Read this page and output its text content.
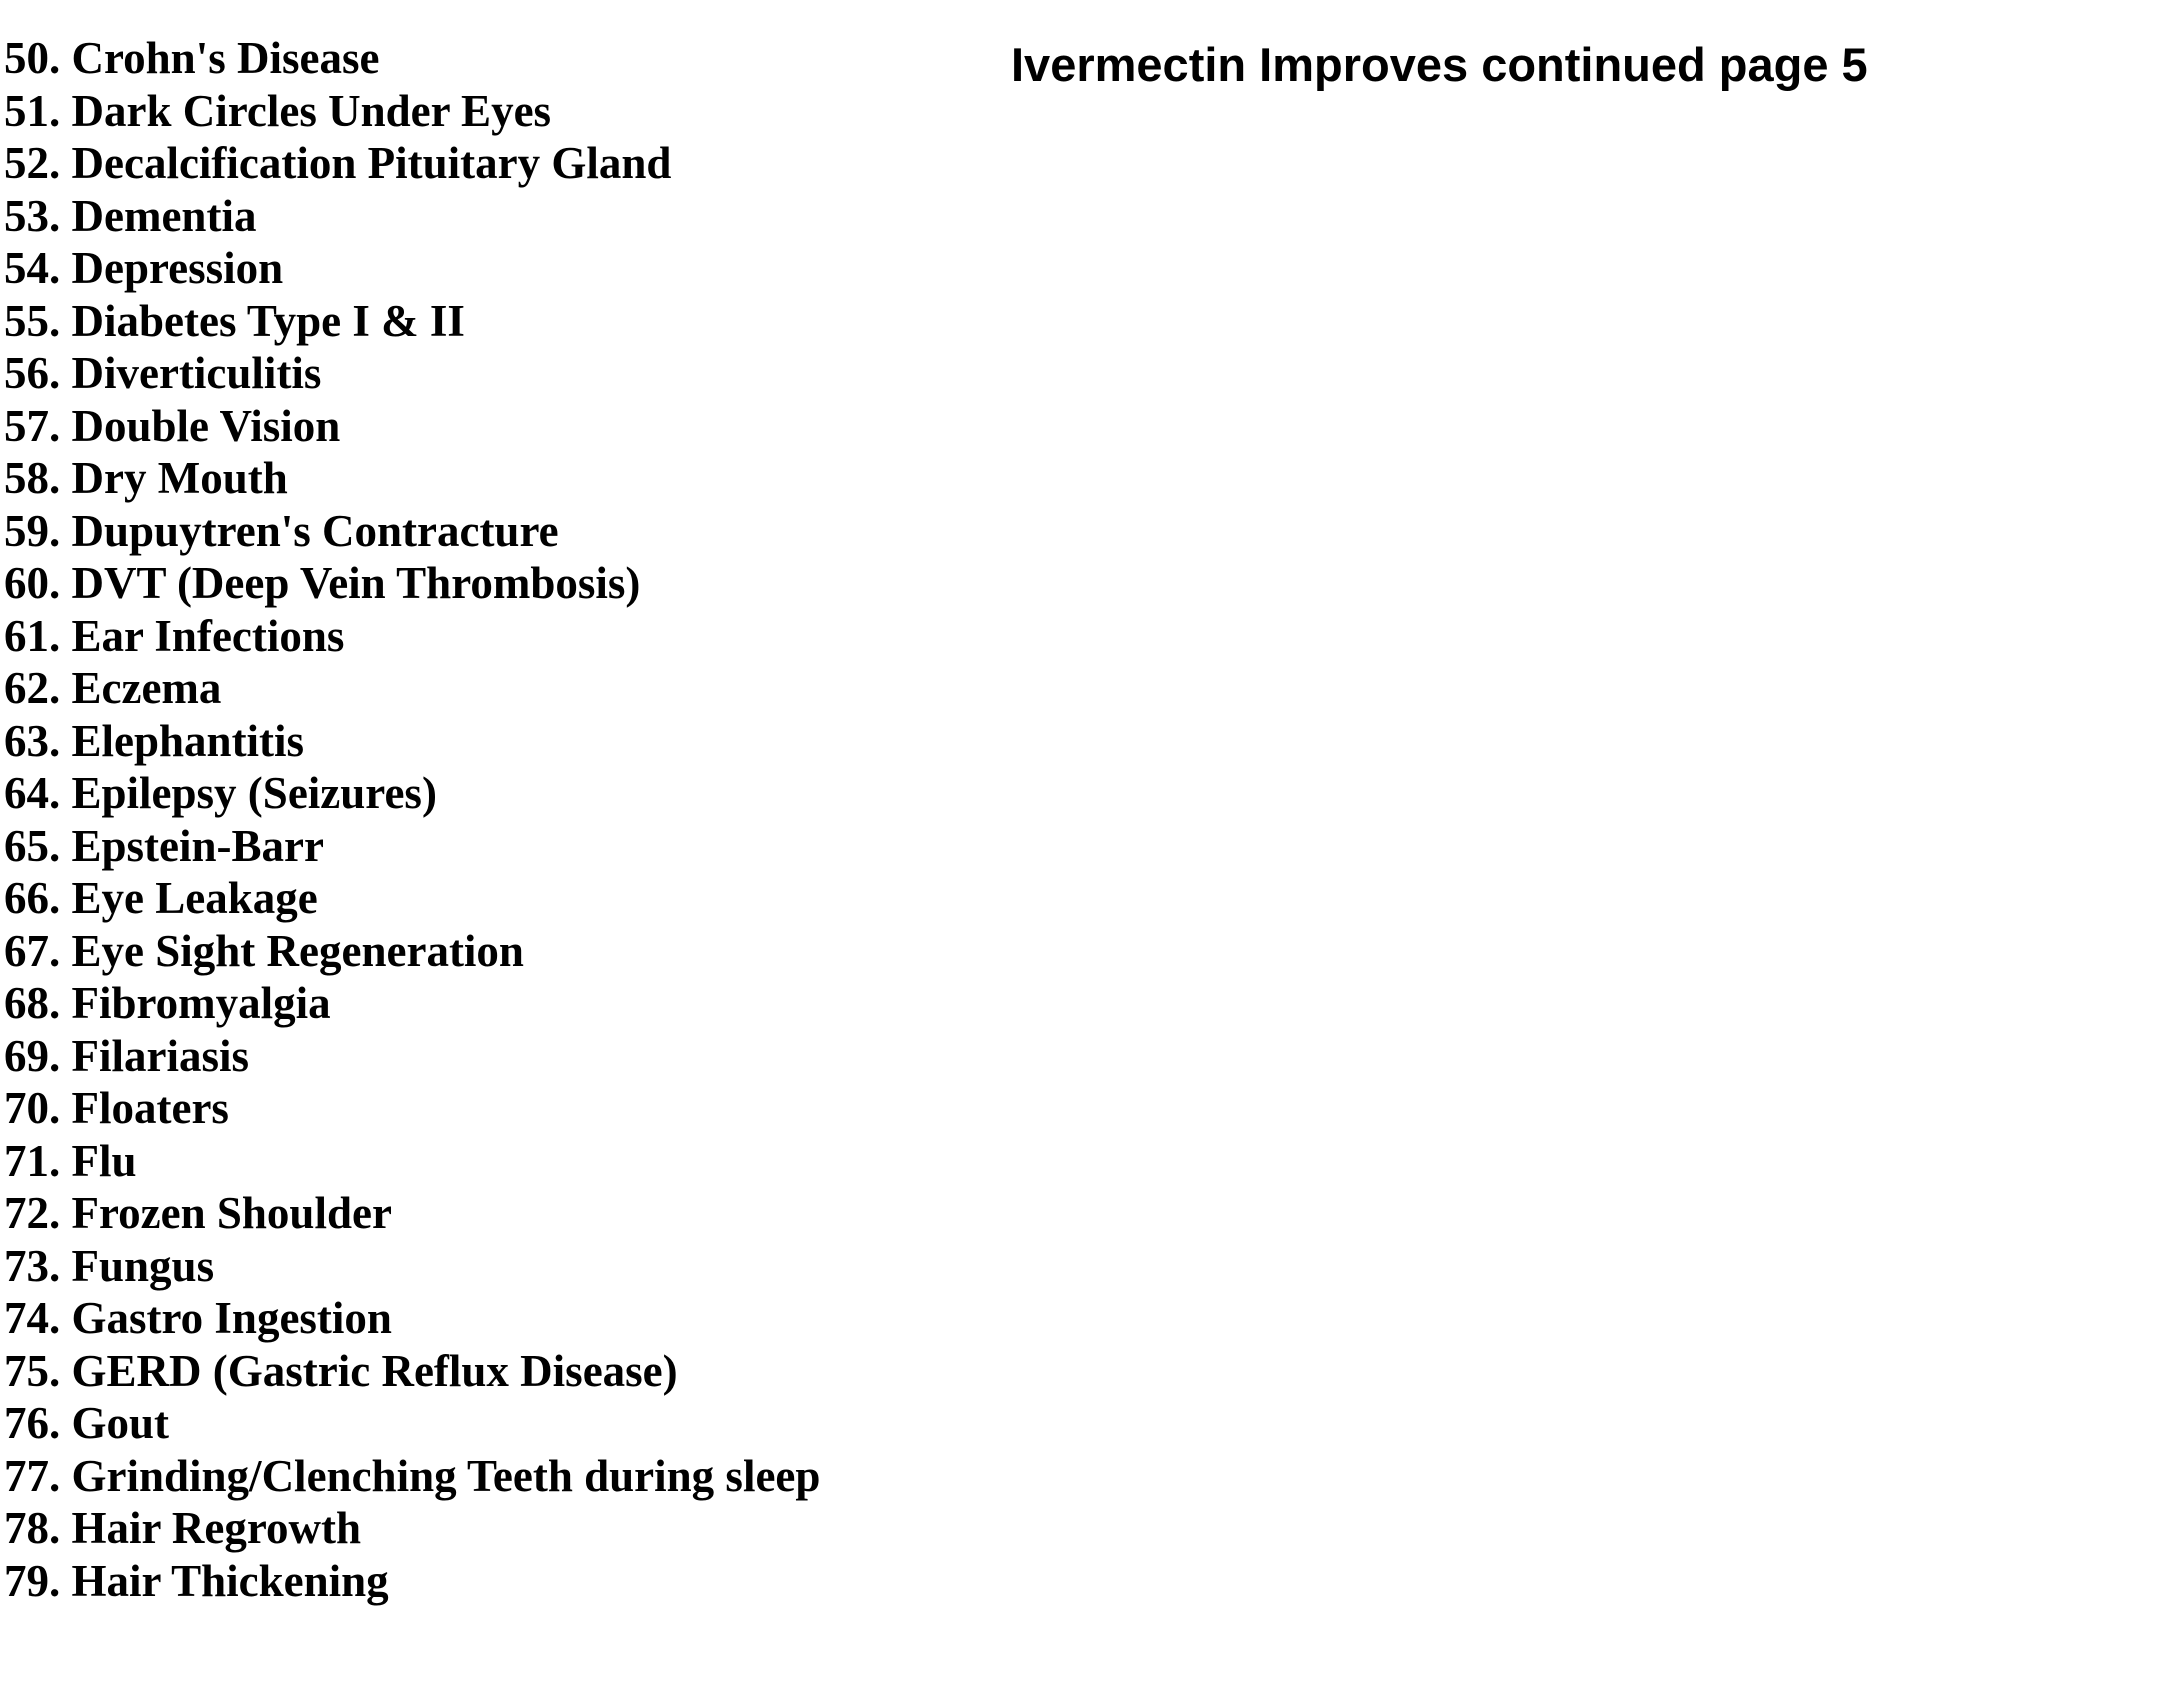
Ivermectin Improves continued page 5
50. Crohn's Disease
51. Dark Circles Under Eyes
52. Decalcification Pituitary Gland
53. Dementia
54. Depression
55. Diabetes Type I & II
56. Diverticulitis
57. Double Vision
58. Dry Mouth
59. Dupuytren's Contracture
60. DVT (Deep Vein Thrombosis)
61. Ear Infections
62. Eczema
63. Elephantitis
64. Epilepsy (Seizures)
65. Epstein-Barr
66. Eye Leakage
67. Eye Sight Regeneration
68. Fibromyalgia
69. Filariasis
70. Floaters
71. Flu
72. Frozen Shoulder
73. Fungus
74. Gastro Ingestion
75. GERD (Gastric Reflux Disease)
76. Gout
77. Grinding/Clenching Teeth during sleep
78. Hair Regrowth
79. Hair Thickening
